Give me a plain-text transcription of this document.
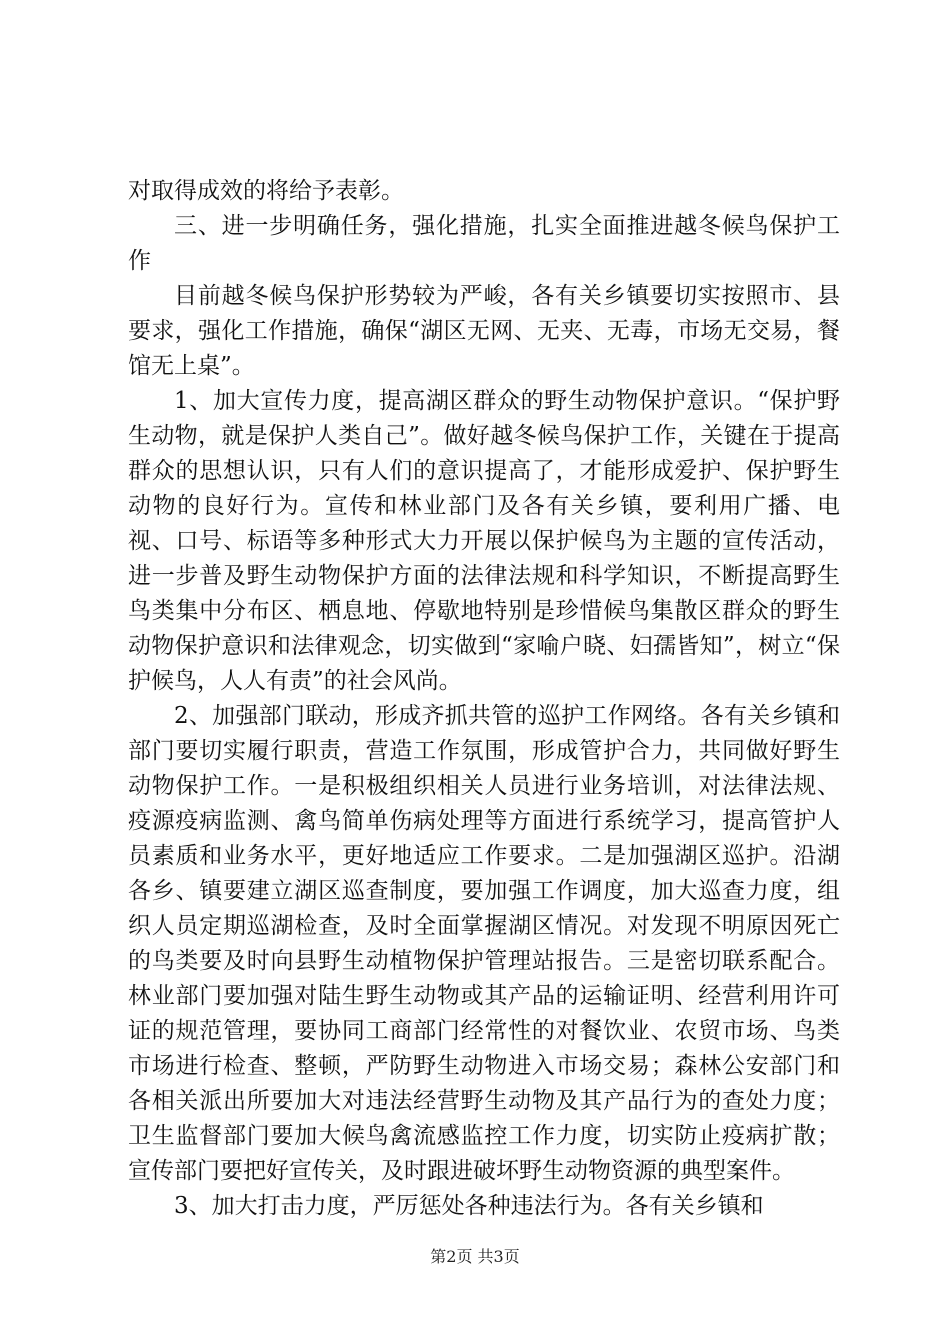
对取得成效的将给予表彰。

三、进一步明确任务，强化措施，扎实全面推进越冬候鸟保护工作

目前越冬候鸟保护形势较为严峻，各有关乡镇要切实按照市、县要求，强化工作措施，确保“湖区无网、无夹、无毒，市场无交易，餐馆无上桌”。

1、加大宣传力度，提高湖区群众的野生动物保护意识。“保护野生动物，就是保护人类自己”。做好越冬候鸟保护工作，关键在于提高群众的思想认识，只有人们的意识提高了，才能形成爱护、保护野生动物的良好行为。宣传和林业部门及各有关乡镇，要利用广播、电视、口号、标语等多种形式大力开展以保护候鸟为主题的宣传活动，进一步普及野生动物保护方面的法律法规和科学知识，不断提高野生鸟类集中分布区、栖息地、停歇地特别是珍惜候鸟集散区群众的野生动物保护意识和法律观念，切实做到“家喻户晓、妇孺皆知”，树立“保护候鸟，人人有责”的社会风尚。

2、加强部门联动，形成齐抓共管的巡护工作网络。各有关乡镇和部门要切实履行职责，营造工作氛围，形成管护合力，共同做好野生动物保护工作。一是积极组织相关人员进行业务培训，对法律法规、疫源疫病监测、禽鸟简单伤病处理等方面进行系统学习，提高管护人员素质和业务水平，更好地适应工作要求。二是加强湖区巡护。沿湖各乡、镇要建立湖区巡查制度，要加强工作调度，加大巡查力度，组织人员定期巡湖检查，及时全面掌握湖区情况。对发现不明原因死亡的鸟类要及时向县野生动植物保护管理站报告。三是密切联系配合。林业部门要加强对陆生野生动物或其产品的运输证明、经营利用许可证的规范管理，要协同工商部门经常性的对餐饮业、农贸市场、鸟类市场进行检查、整顿，严防野生动物进入市场交易；森林公安部门和各相关派出所要加大对违法经营野生动物及其产品行为的查处力度；卫生监督部门要加大候鸟禽流感监控工作力度，切实防止疫病扩散；宣传部门要把好宣传关，及时跟进破坏野生动物资源的典型案件。

3、加大打击力度，严厉惩处各种违法行为。各有关乡镇和

第2页 共3页
